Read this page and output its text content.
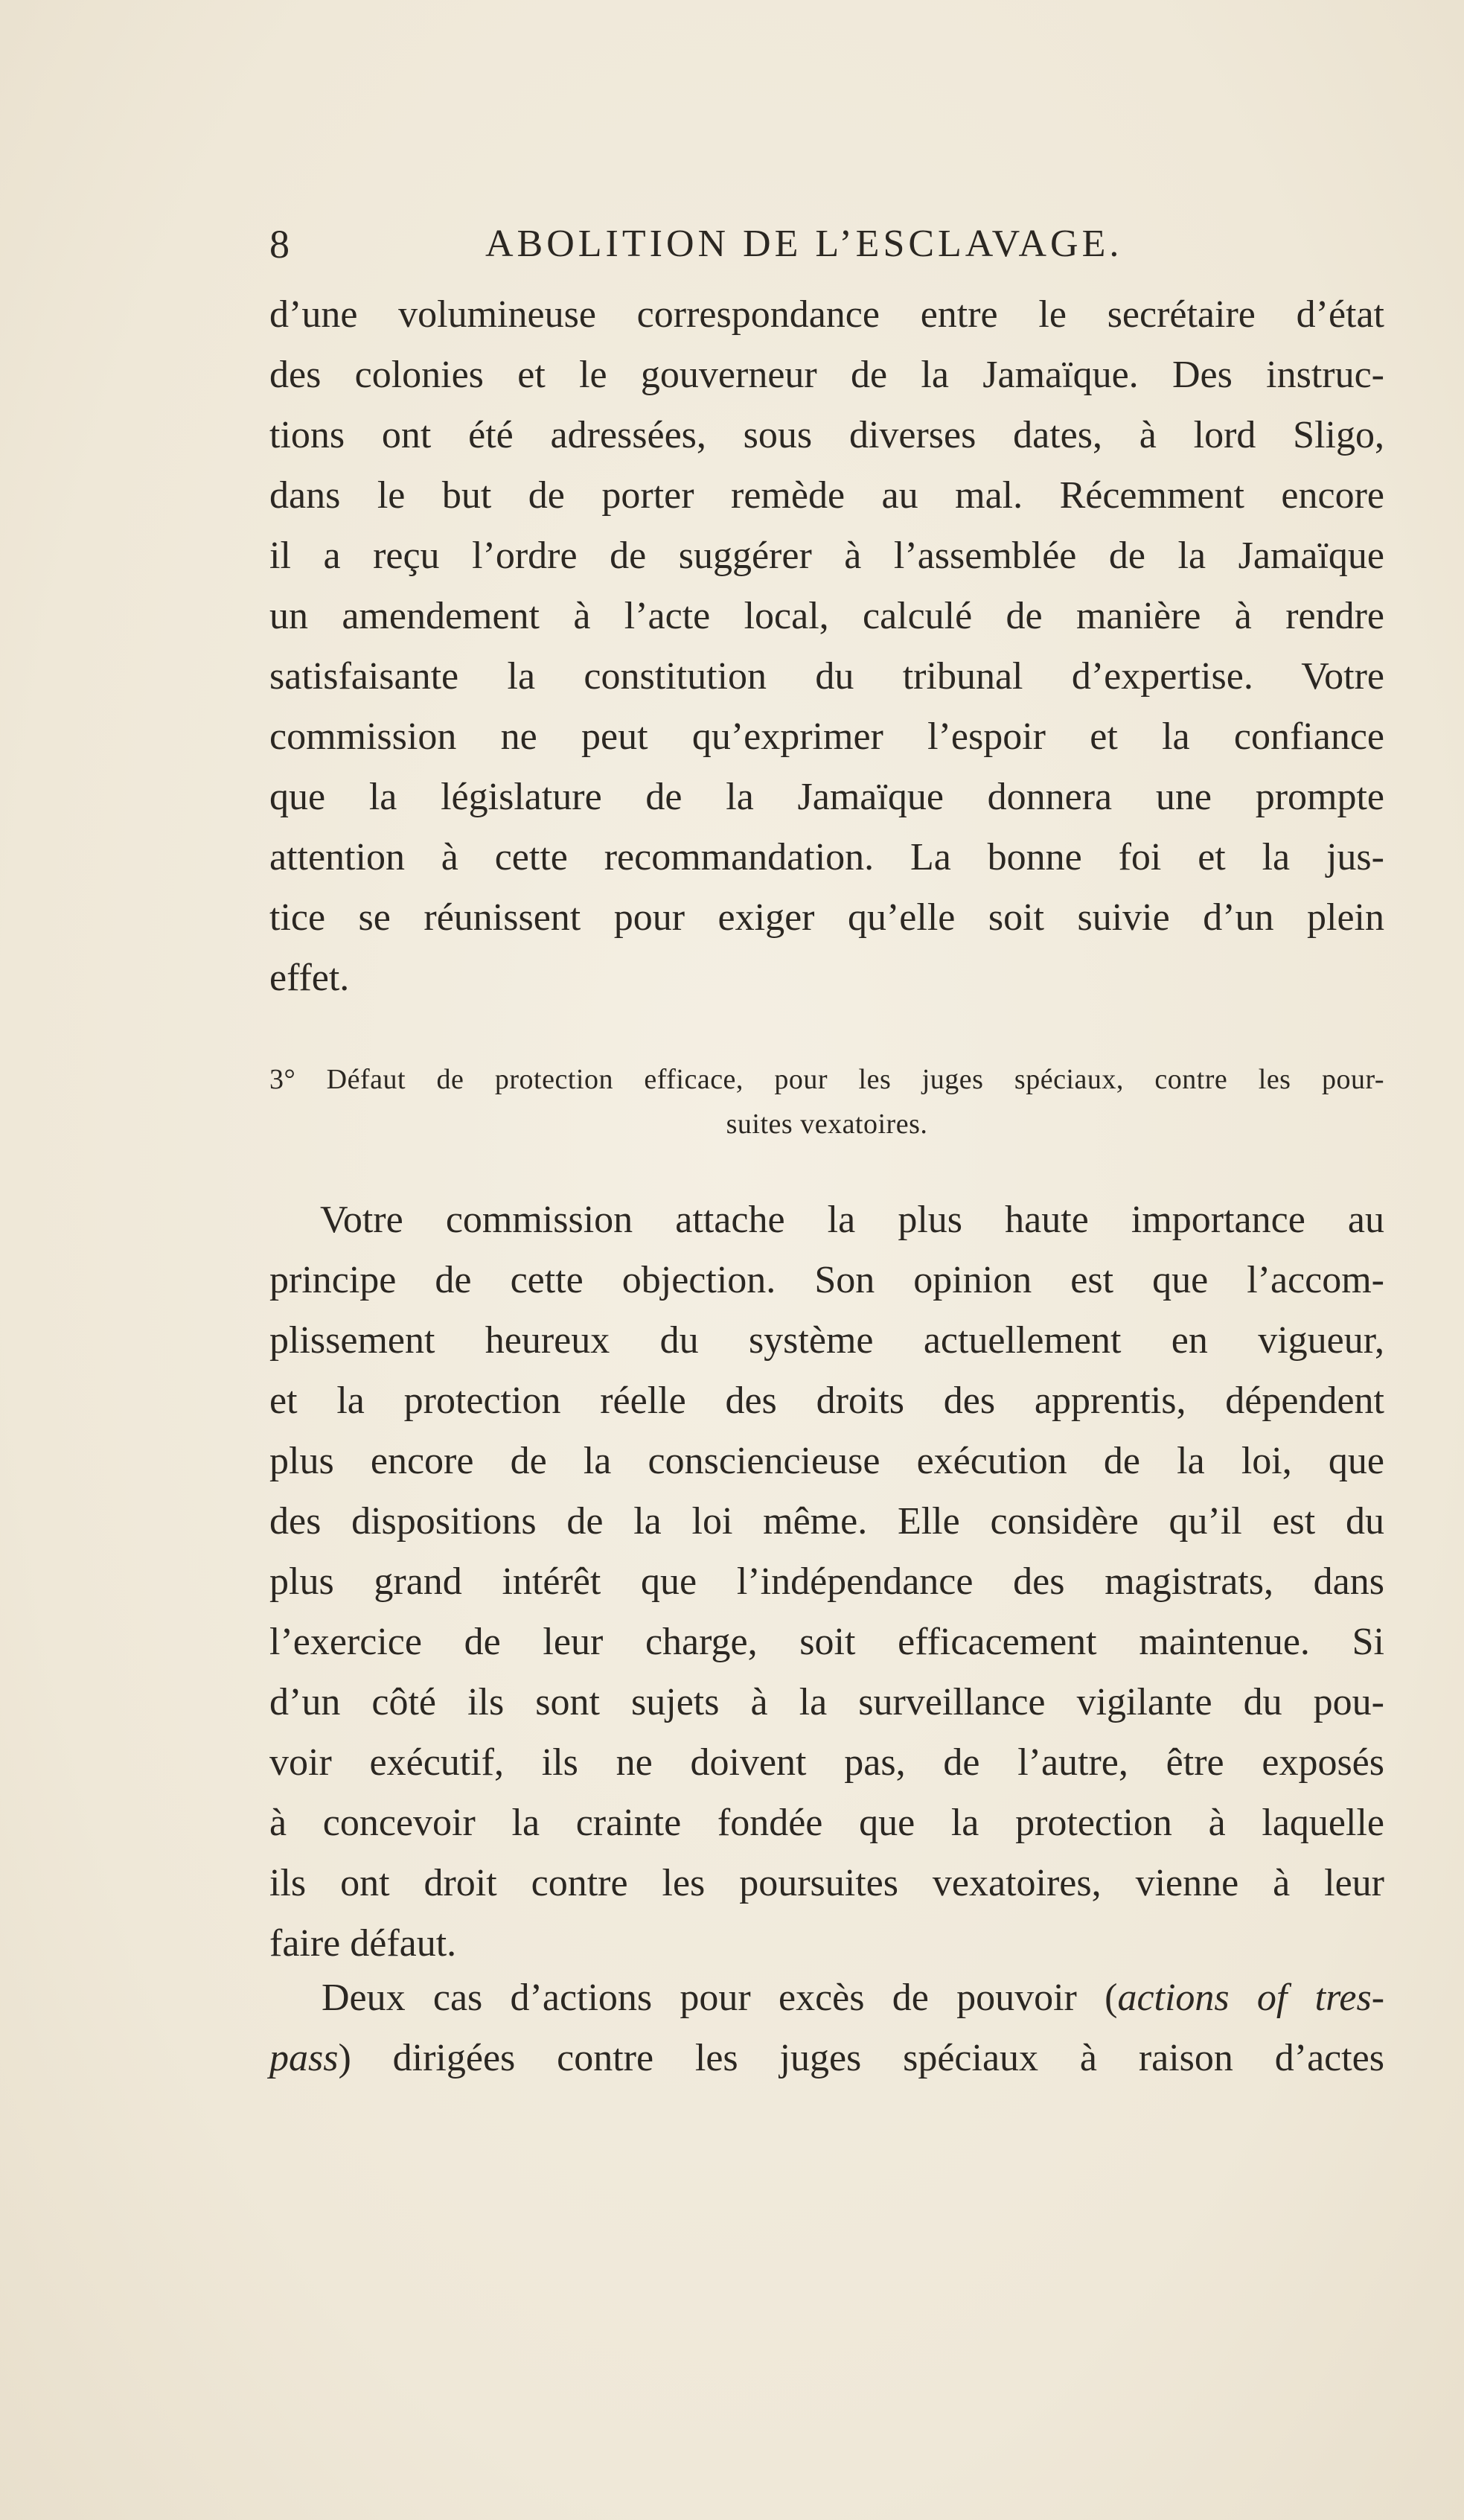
8	ABOLITION DE L’ESCLAVAGE.
d’une volumineuse correspondance entre le secrétaire d’état
des colonies et le gouverneur de la Jamaïque. Des instruc-
tions ont été adressées, sous diverses dates, à lord Sligo,
dans le but de porter remède au mal. Récemment encore
il a reçu l’ordre de suggérer à l’assemblée de la Jamaïque
un amendement à l’acte local, calculé de manière à rendre
satisfaisante la constitution du tribunal d’expertise. Votre
commission ne peut qu’exprimer l’espoir et la confiance
que la législature de la Jamaïque donnera une prompte
attention à cette recommandation. La bonne foi et la jus-
tice se réunissent pour exiger qu’elle soit suivie d’un plein
effet.
3° Défaut de protection efficace, pour les juges spéciaux, contre les pour-
suites vexatoires.
Votre commission attache la plus haute importance au
principe de cette objection. Son opinion est que l’accom-
plissement heureux du système actuellement en vigueur,
et la protection réelle des droits des apprentis, dépendent
plus encore de la consciencieuse exécution de la loi, que
des dispositions de la loi même. Elle considère qu’il est du
plus grand intérêt que l’indépendance des magistrats, dans
l’exercice de leur charge, soit efficacement maintenue. Si
d’un côté ils sont sujets à la surveillance vigilante du pou-
voir exécutif, ils ne doivent pas, de l’autre, être exposés
à concevoir la crainte fondée que la protection à laquelle
ils ont droit contre les poursuites vexatoires, vienne à leur
faire défaut.
Deux cas d’actions pour excès de pouvoir (actions of tres-
pass) dirigées contre les juges spéciaux à raison d’actes
